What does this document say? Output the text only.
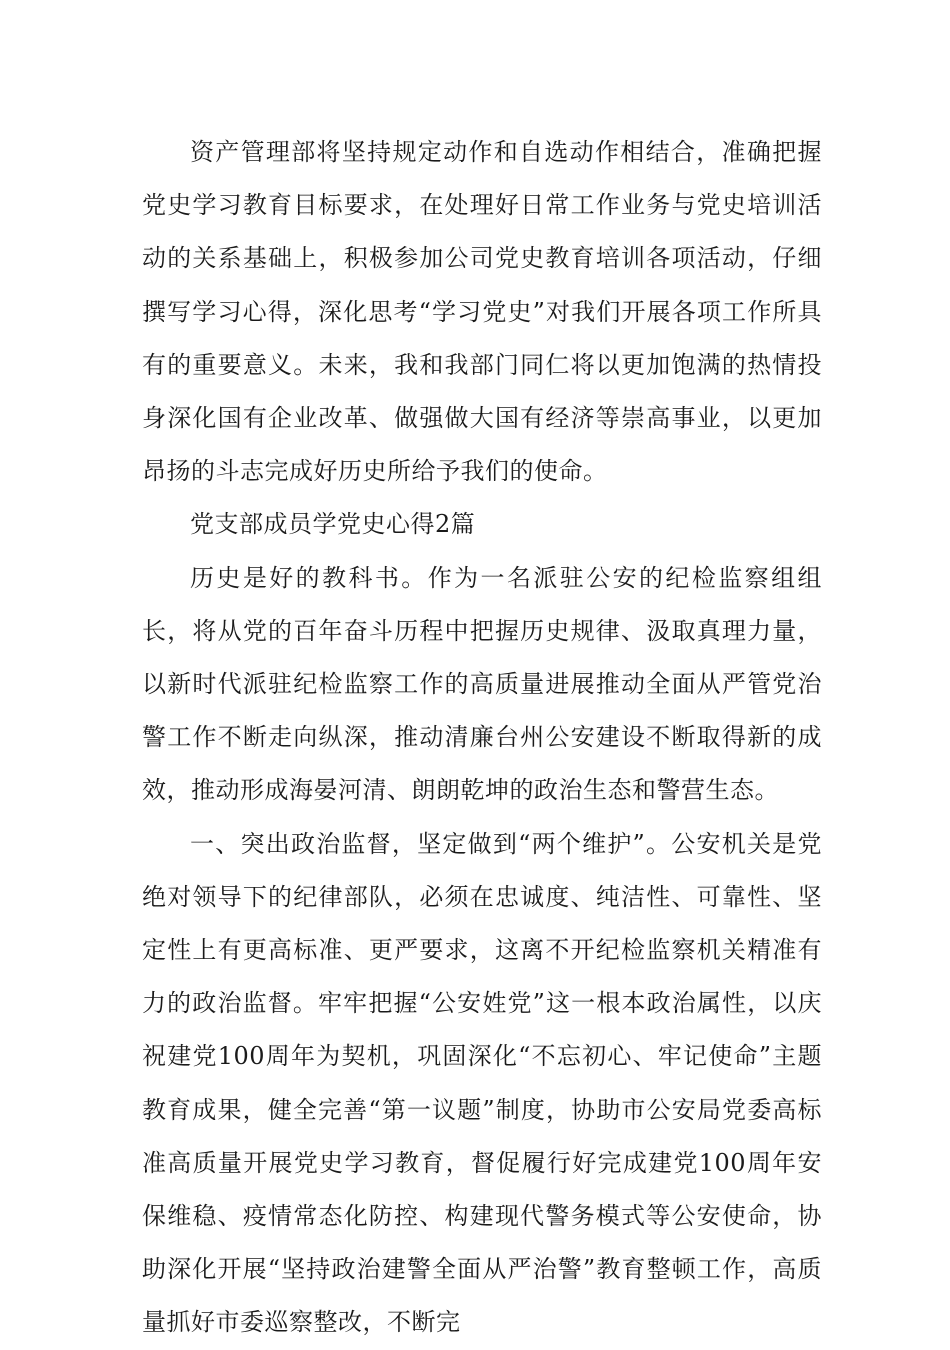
资产管理部将坚持规定动作和自选动作相结合，准确把握党史学习教育目标要求，在处理好日常工作业务与党史培训活动的关系基础上，积极参加公司党史教育培训各项活动，仔细撰写学习心得，深化思考“学习党史”对我们开展各项工作所具有的重要意义。未来，我和我部门同仁将以更加饱满的热情投身深化国有企业改革、做强做大国有经济等崇高事业，以更加昂扬的斗志完成好历史所给予我们的使命。

党支部成员学党史心得2篇

历史是好的教科书。作为一名派驻公安的纪检监察组组长，将从党的百年奋斗历程中把握历史规律、汲取真理力量，以新时代派驻纪检监察工作的高质量进展推动全面从严管党治警工作不断走向纵深，推动清廉台州公安建设不断取得新的成效，推动形成海晏河清、朗朗乾坤的政治生态和警营生态。

一、突出政治监督，坚定做到“两个维护”。公安机关是党绝对领导下的纪律部队，必须在忠诚度、纯洁性、可靠性、坚定性上有更高标准、更严要求，这离不开纪检监察机关精准有力的政治监督。牢牢把握“公安姓党”这一根本政治属性，以庆祝建党100周年为契机，巩固深化“不忘初心、牢记使命”主题教育成果，健全完善“第一议题”制度，协助市公安局党委高标准高质量开展党史学习教育，督促履行好完成建党100周年安保维稳、疫情常态化防控、构建现代警务模式等公安使命，协助深化开展“坚持政治建警全面从严治警”教育整顿工作，高质量抓好市委巡察整改，不断完
